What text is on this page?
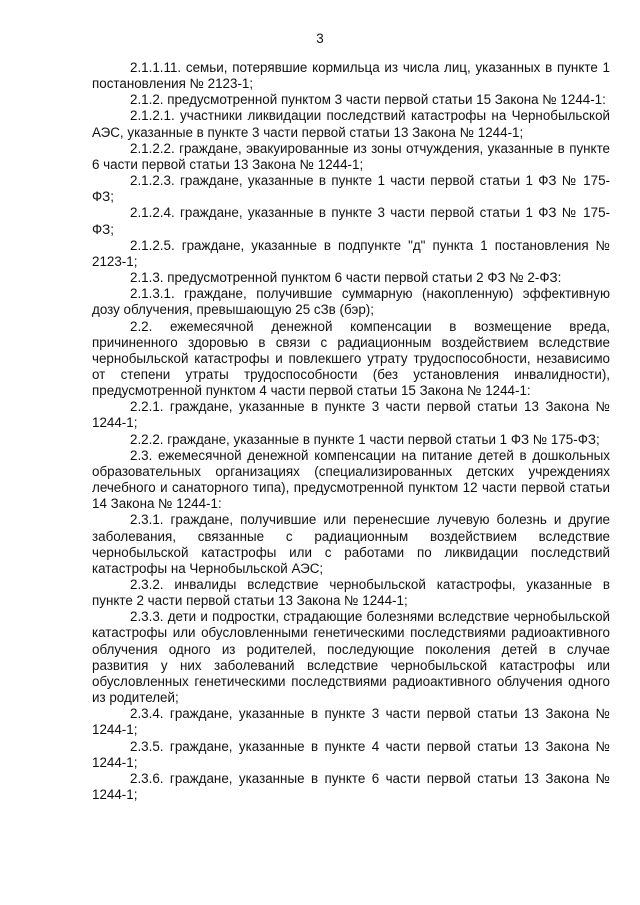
3

2.1.1.11. семьи, потерявшие кормильца из числа лиц, указанных в пункте 1 постановления № 2123-1;

2.1.2. предусмотренной пунктом 3 части первой статьи 15 Закона № 1244-1:

2.1.2.1. участники ликвидации последствий катастрофы на Чернобыльской АЭС, указанные в пункте 3 части первой статьи 13 Закона № 1244-1;

2.1.2.2. граждане, эвакуированные из зоны отчуждения, указанные в пункте 6 части первой статьи 13 Закона № 1244-1;

2.1.2.3. граждане, указанные в пункте 1 части первой статьи 1 ФЗ № 175-ФЗ;

2.1.2.4. граждане, указанные в пункте 3 части первой статьи 1 ФЗ № 175-ФЗ;

2.1.2.5. граждане, указанные в подпункте "д" пункта 1 постановления № 2123-1;

2.1.3. предусмотренной пунктом 6 части первой статьи 2 ФЗ № 2-ФЗ:

2.1.3.1. граждане, получившие суммарную (накопленную) эффективную дозу облучения, превышающую 25 сЗв (бэр);

2.2. ежемесячной денежной компенсации в возмещение вреда, причиненного здоровью в связи с радиационным воздействием вследствие чернобыльской катастрофы и повлекшего утрату трудоспособности, независимо от степени утраты трудоспособности (без установления инвалидности), предусмотренной пунктом 4 части первой статьи 15 Закона № 1244-1:

2.2.1. граждане, указанные в пункте 3 части первой статьи 13 Закона № 1244-1;

2.2.2. граждане, указанные в пункте 1 части первой статьи 1 ФЗ № 175-ФЗ;

2.3. ежемесячной денежной компенсации на питание детей в дошкольных образовательных организациях (специализированных детских учреждениях лечебного и санаторного типа), предусмотренной пунктом 12 части первой статьи 14 Закона № 1244-1:

2.3.1. граждане, получившие или перенесшие лучевую болезнь и другие заболевания, связанные с радиационным воздействием вследствие чернобыльской катастрофы или с работами по ликвидации последствий катастрофы на Чернобыльской АЭС;

2.3.2. инвалиды вследствие чернобыльской катастрофы, указанные в пункте 2 части первой статьи 13 Закона № 1244-1;

2.3.3. дети и подростки, страдающие болезнями вследствие чернобыльской катастрофы или обусловленными генетическими последствиями радиоактивного облучения одного из родителей, последующие поколения детей в случае развития у них заболеваний вследствие чернобыльской катастрофы или обусловленных генетическими последствиями радиоактивного облучения одного из родителей;

2.3.4. граждане, указанные в пункте 3 части первой статьи 13 Закона № 1244-1;

2.3.5. граждане, указанные в пункте 4 части первой статьи 13 Закона № 1244-1;

2.3.6. граждане, указанные в пункте 6 части первой статьи 13 Закона № 1244-1;
